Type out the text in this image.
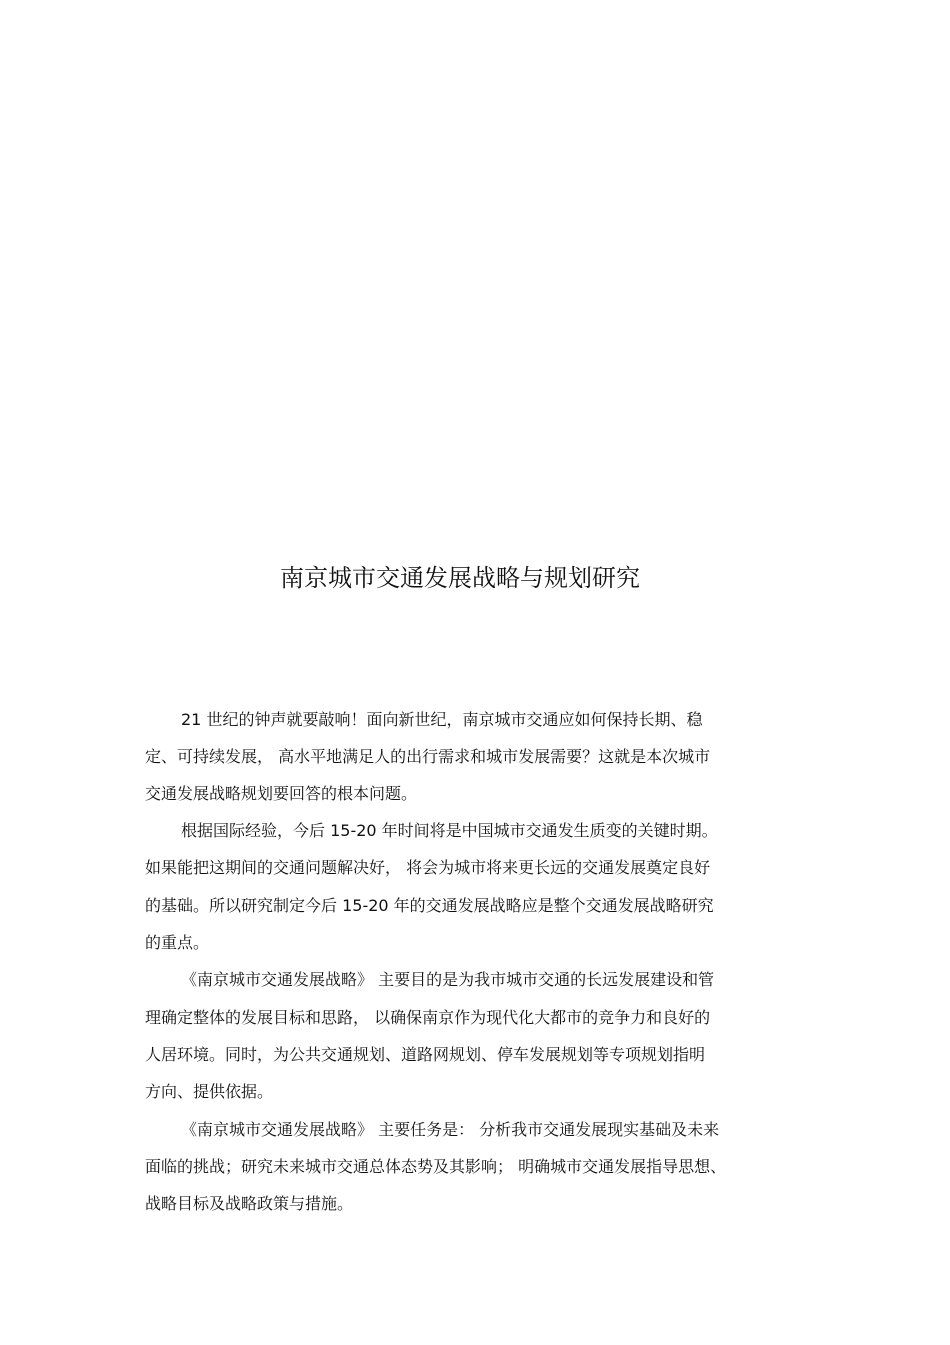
南京城市交通发展战略与规划研究

21 世纪的钟声就要敲响！面向新世纪，南京城市交通应如何保持长期、稳

定、可持续发展， 高水平地满足人的出行需求和城市发展需要？这就是本次城市

交通发展战略规划要回答的根本问题。

根据国际经验，今后 15-20 年时间将是中国城市交通发生质变的关键时期。

如果能把这期间的交通问题解决好， 将会为城市将来更长远的交通发展奠定良好

的基础。所以研究制定今后 15-20 年的交通发展战略应是整个交通发展战略研究

的重点。

《南京城市交通发展战略》 主要目的是为我市城市交通的长远发展建设和管

理确定整体的发展目标和思路， 以确保南京作为现代化大都市的竞争力和良好的

人居环境。同时，为公共交通规划、道路网规划、停车发展规划等专项规划指明

方向、提供依据。

《南京城市交通发展战略》 主要任务是： 分析我市交通发展现实基础及未来

面临的挑战；研究未来城市交通总体态势及其影响； 明确城市交通发展指导思想、

战略目标及战略政策与措施。
